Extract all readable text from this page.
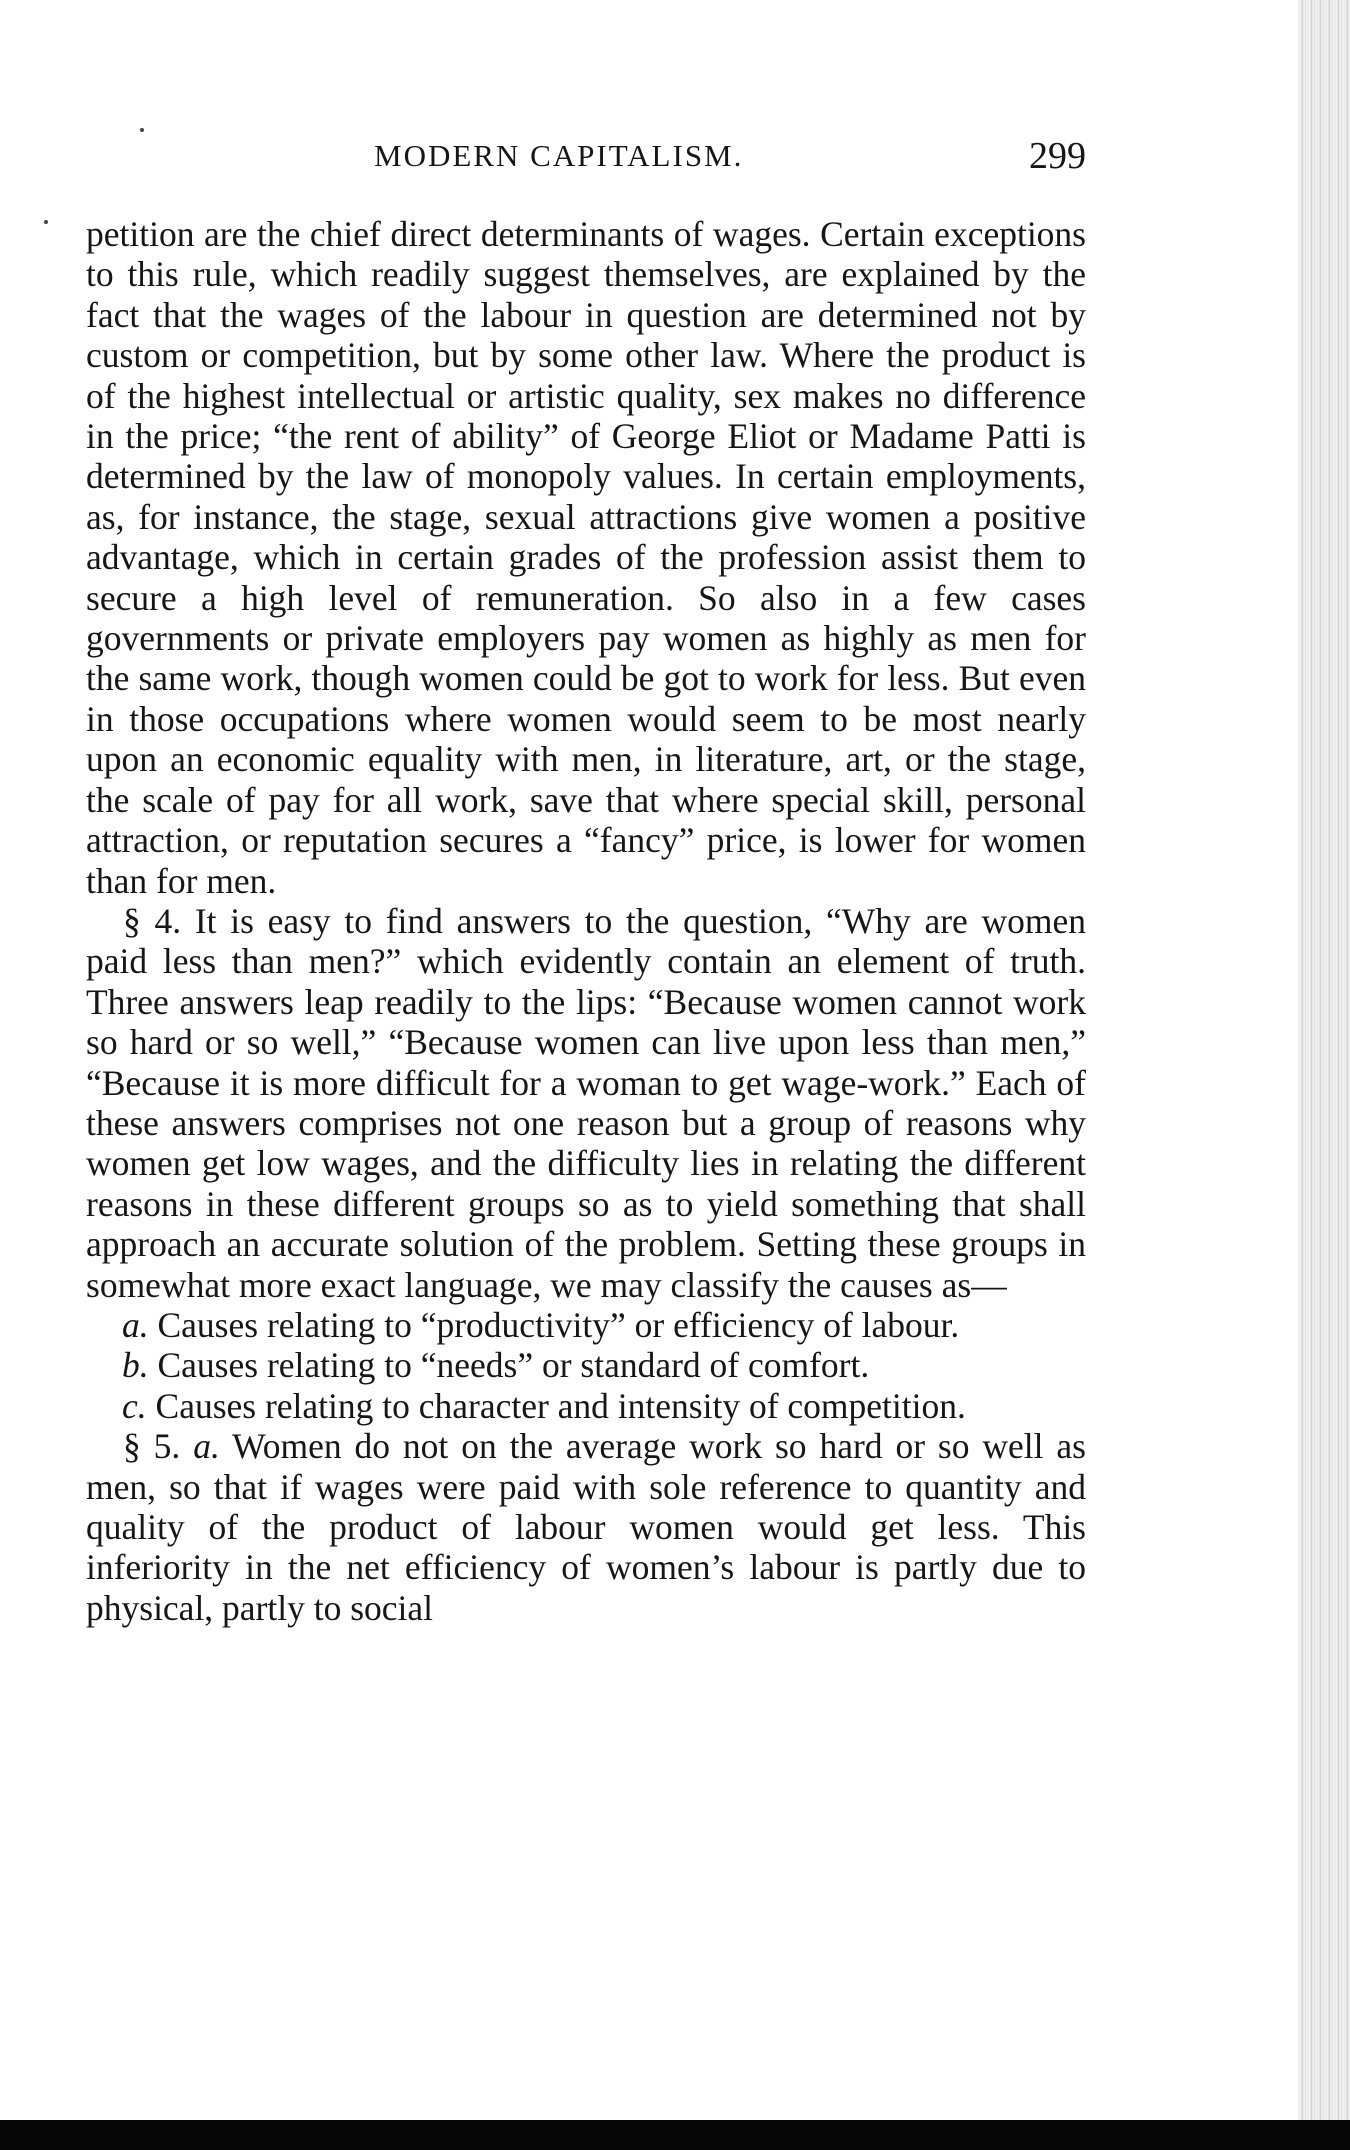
MODERN CAPITALISM.	299

petition are the chief direct determinants of wages. Certain exceptions to this rule, which readily suggest themselves, are explained by the fact that the wages of the labour in question are determined not by custom or competition, but by some other law. Where the product is of the highest intellectual or artistic quality, sex makes no difference in the price; “the rent of ability” of George Eliot or Madame Patti is determined by the law of monopoly values. In certain employments, as, for instance, the stage, sexual attractions give women a positive advantage, which in certain grades of the profession assist them to secure a high level of remuneration. So also in a few cases governments or private employers pay women as highly as men for the same work, though women could be got to work for less. But even in those occupations where women would seem to be most nearly upon an economic equality with men, in literature, art, or the stage, the scale of pay for all work, save that where special skill, personal attraction, or reputation secures a “fancy” price, is lower for women than for men.

§ 4. It is easy to find answers to the question, “Why are women paid less than men?” which evidently contain an element of truth. Three answers leap readily to the lips: “Because women cannot work so hard or so well,” “Because women can live upon less than men,” “Because it is more difficult for a woman to get wage-work.” Each of these answers comprises not one reason but a group of reasons why women get low wages, and the difficulty lies in relating the different reasons in these different groups so as to yield something that shall approach an accurate solution of the problem. Setting these groups in somewhat more exact language, we may classify the causes as—

a. Causes relating to “productivity” or efficiency of labour.

b. Causes relating to “needs” or standard of comfort.

c. Causes relating to character and intensity of competition.

§ 5. a. Women do not on the average work so hard or so well as men, so that if wages were paid with sole reference to quantity and quality of the product of labour women would get less. This inferiority in the net efficiency of women’s labour is partly due to physical, partly to social
